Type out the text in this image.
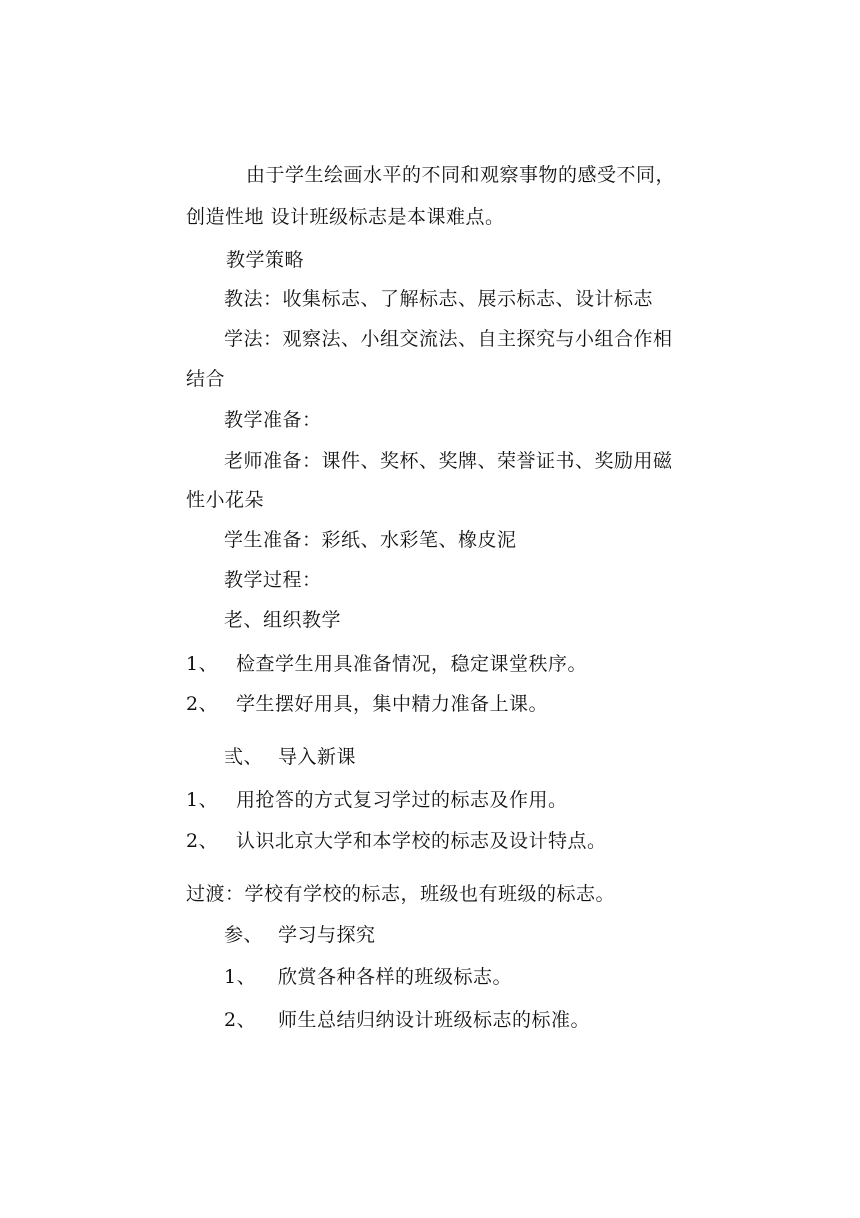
由于学生绘画水平的不同和观察事物的感受不同，
创造性地 设计班级标志是本课难点。
教学策略
教法：收集标志、了解标志、展示标志、设计标志
学法：观察法、小组交流法、自主探究与小组合作相
结合
教学准备：
老师准备：课件、奖杯、奖牌、荣誉证书、奖励用磁
性小花朵
学生准备：彩纸、水彩笔、橡皮泥
教学过程：
老、组织教学
1、 检查学生用具准备情况，稳定课堂秩序。
2、 学生摆好用具，集中精力准备上课。
弎、 导入新课
1、 用抢答的方式复习学过的标志及作用。
2、 认识北京大学和本学校的标志及设计特点。
过渡：学校有学校的标志，班级也有班级的标志。
参、 学习与探究
1、 欣赏各种各样的班级标志。
2、 师生总结归纳设计班级标志的标准。
